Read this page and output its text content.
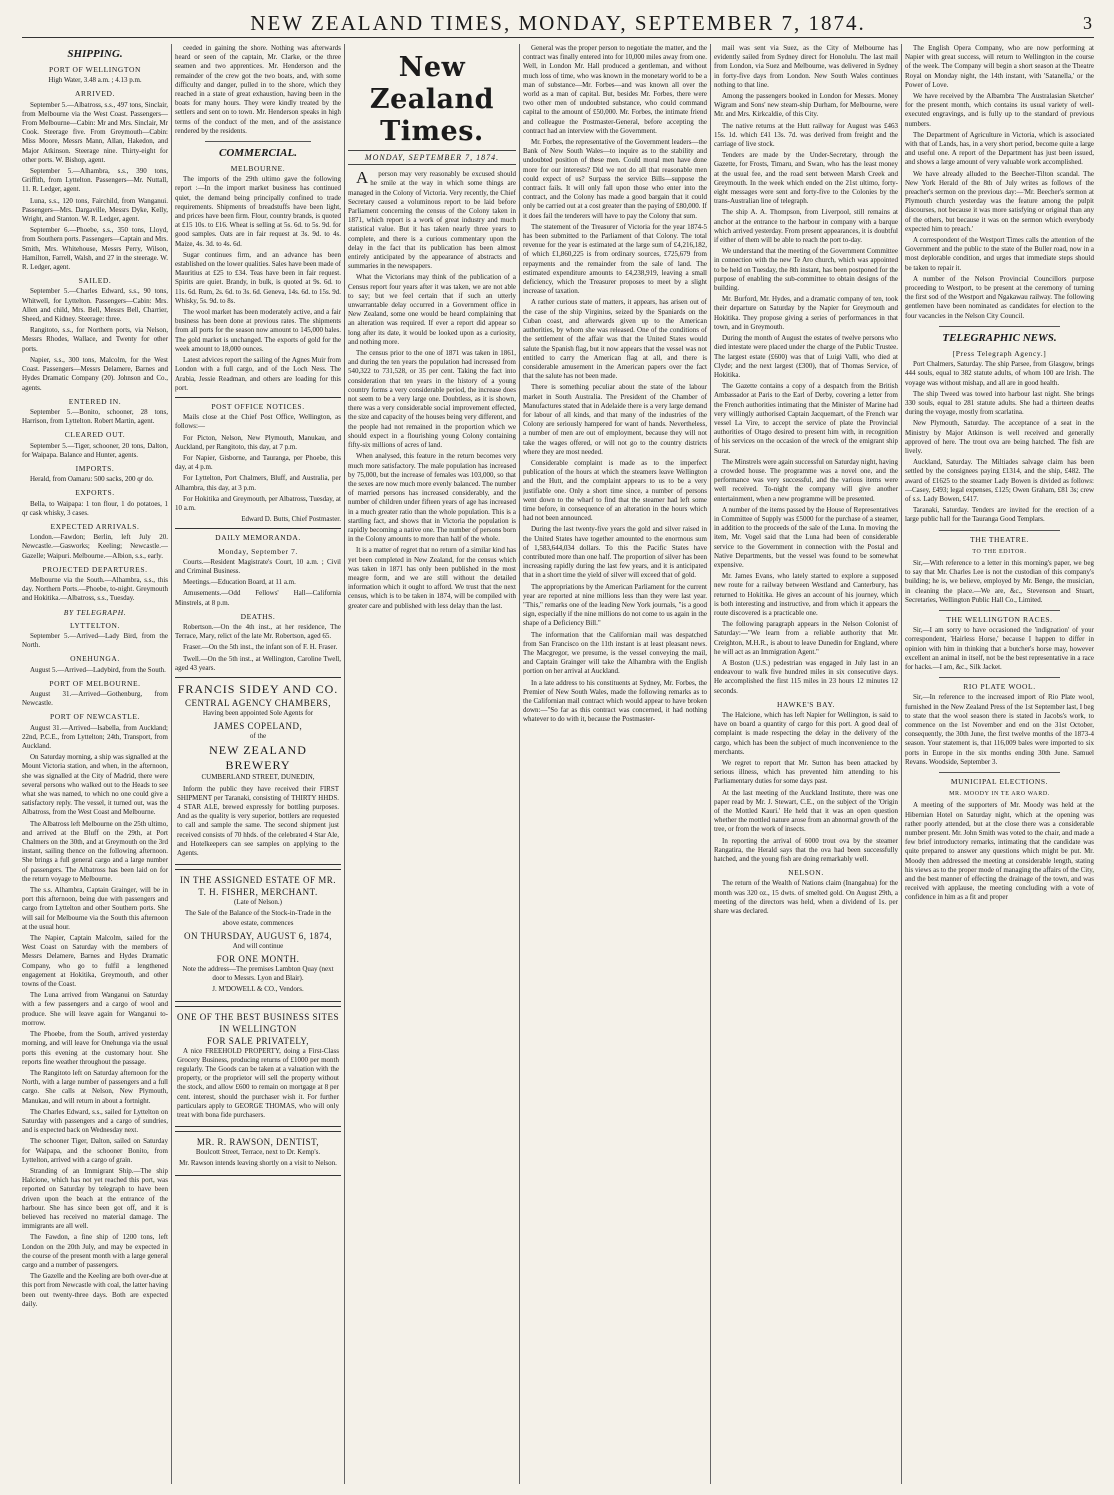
NEW ZEALAND TIMES, MONDAY, SEPTEMBER 7, 1874.	3
SHIPPING.
PORT OF WELLINGTON

High Water, 3.48 a.m. ; 4.13 p.m.

ARRIVED.

September 5.—Albatross, s.s., 497 tons, Sinclair, from Melbourne via the West Coast. Passengers—From Melbourne—Cabin: Mr and Mrs. Sinclair, Mr Cook. Steerage five. From Greymouth—Cabin: Miss Moore, Messrs Mann, Allan, Hakedon, and Major Atkinson. Steerage nine. Thirty-eight for other ports. W. Bishop, agent.

September 5.—Alhambra, s.s., 390 tons, Griffith, from Lyttelton. Passengers—Mr. Nuttall, 11. R. Ledger, agent.

Luna, s.s., 120 tons, Fairchild, from Wanganui. Passengers—Mrs. Dargaville, Messrs Dyke, Kelly, Wright, and Stanton. W. R. Ledger, agent.

September 6.—Phoebe, s.s., 350 tons, Lloyd, from Southern ports. Passengers—Captain and Mrs. Smith, Mrs. Whitehouse, Messrs Perry, Wilson, Hamilton, Farrell, Walsh, and 27 in the steerage. W. R. Ledger, agent.

SAILED.

September 5.—Charles Edward, s.s., 90 tons, Whitwell, for Lyttelton. Passengers—Cabin: Mrs. Allen and child, Mrs. Bell, Messrs Bell, Charrier, Sheed, and Kidney. Steerage: three.

Rangitoto, s.s., for Northern ports, via Nelson, Messrs Rhodes, Wallace, and Twenty for other ports.

Napier, s.s., 300 tons, Malcolm, for the West Coast. Passengers—Messrs Delamere, Barnes and Hydes Dramatic Company (20). Johnson and Co., agents.

ENTERED IN.

September 5.—Bonito, schooner, 28 tons, Harrison, from Lyttelton. Robert Martin, agent.

CLEARED OUT.

September 5.—Tiger, schooner, 20 tons, Dalton, for Waipapa. Balance and Hunter, agents.

IMPORTS.

Herald, from Oamaru: 500 sacks, 200 qr do.

EXPORTS.

Bella, to Waipapa: 1 ton flour, 1 do potatoes, 1 qr cask whisky, 3 cases.

EXPECTED ARRIVALS.

London.—Fawdon; Berlin, left July 20. Newcastle.—Gasworks; Keeling; Newcastle.—Gazelle; Waipuri. Melbourne.—Albion, s.s., early.

PROJECTED DEPARTURES.

Melbourne via the South.—Alhambra, s.s., this day. Northern Ports.—Phoebe, to-night. Greymouth and Hokitika.—Albatross, s.s., Tuesday.

BY TELEGRAPH.
LYTTELTON.

September 5.—Arrived—Lady Bird, from the North.

ONEHUNGA.

August 5.—Arrived—Ladybird, from the South.

PORT OF MELBOURNE.

August 31.—Arrived—Gothenburg, from Newcastle.

PORT OF NEWCASTLE.

August 31.—Arrived—Isabella, from Auckland; 22nd, P.C.E., from Lyttelton; 24th, Transport, from Auckland.

On Saturday morning, a ship was signalled at the Mount Victoria station, and when, in the afternoon, she was signalled at the City of Madrid, there were several persons who walked out to the Heads to see what she was named, to which no one could give a satisfactory reply. The vessel, it turned out, was the Albatross, from the West Coast and Melbourne.

The Albatross left Melbourne on the 25th ultimo, and arrived at the Bluff on the 29th, at Port Chalmers on the 30th, and at Greymouth on the 3rd instant, sailing thence on the following afternoon. She brings a full general cargo and a large number of passengers. The Albatross has been laid on for the return voyage to Melbourne.

The s.s. Alhambra, Captain Grainger, will be in port this afternoon, being due with passengers and cargo from Lyttelton and other Southern ports. She will sail for Melbourne via the South this afternoon at the usual hour.

The Napier, Captain Malcolm, sailed for the West Coast on Saturday with the members of Messrs Delamere, Barnes and Hydes Dramatic Company, who go to fulfil a lengthened engagement at Hokitika, Greymouth, and other towns of the Coast.

The Luna arrived from Wanganui on Saturday with a few passengers and a cargo of wool and produce. She will leave again for Wanganui to-morrow.

The Phoebe, from the South, arrived yesterday morning, and will leave for Onehunga via the usual ports this evening at the customary hour. She reports fine weather throughout the passage.

The Rangitoto left on Saturday afternoon for the North, with a large number of passengers and a full cargo. She calls at Nelson, New Plymouth, Manukau, and will return in about a fortnight.

The Charles Edward, s.s., sailed for Lyttelton on Saturday with passengers and a cargo of sundries, and is expected back on Wednesday next.

The schooner Tiger, Dalton, sailed on Saturday for Waipapa, and the schooner Bonito, from Lyttelton, arrived with a cargo of grain.

Stranding of an Immigrant Ship.—The ship Halcione, which has not yet reached this port, was reported on Saturday by telegraph to have been driven upon the beach at the entrance of the harbour. She has since been got off, and it is believed has received no material damage. The immigrants are all well.

The Fawdon, a fine ship of 1200 tons, left London on the 20th July, and may be expected in the course of the present month with a large general cargo and a number of passengers.

The Gazelle and the Keeling are both over-due at this port from Newcastle with coal, the latter having been out twenty-three days. Both are expected daily.

ceeded in gaining the shore. Nothing was afterwards heard or seen of the captain, Mr. Clarke, or the three seamen and two apprentices. Mr. Henderson and the remainder of the crew got the two boats, and, with some difficulty and danger, pulled in to the shore, which they reached in a state of great exhaustion, having been in the boats for many hours. They were kindly treated by the settlers and sent on to town. Mr. Henderson speaks in high terms of the conduct of the men, and of the assistance rendered by the residents.

COMMERCIAL.
MELBOURNE.

The imports of the 29th ultimo gave the following report :—In the import market business has continued quiet, the demand being principally confined to trade requirements. Shipments of breadstuffs have been light, and prices have been firm. Flour, country brands, is quoted at £15 10s. to £16. Wheat is selling at 5s. 6d. to 5s. 9d. for good samples. Oats are in fair request at 3s. 9d. to 4s. Maize, 4s. 3d. to 4s. 6d.

Sugar continues firm, and an advance has been established on the lower qualities. Sales have been made of Mauritius at £25 to £34. Teas have been in fair request. Spirits are quiet. Brandy, in bulk, is quoted at 9s. 6d. to 11s. 6d. Rum, 2s. 6d. to 3s. 6d. Geneva, 14s. 6d. to 15s. 9d. Whisky, 5s. 9d. to 8s.

The wool market has been moderately active, and a fair business has been done at previous rates. The shipments from all ports for the season now amount to 145,000 bales. The gold market is unchanged. The exports of gold for the week amount to 18,000 ounces.

Latest advices report the sailing of the Agnes Muir from London with a full cargo, and of the Loch Ness. The Arabia, Jessie Readman, and others are loading for this port.

POST OFFICE NOTICES.

Mails close at the Chief Post Office, Wellington, as follows:—

For Picton, Nelson, New Plymouth, Manukau, and Auckland, per Rangitoto, this day, at 7 p.m.

For Napier, Gisborne, and Tauranga, per Phoebe, this day, at 4 p.m.

For Lyttelton, Port Chalmers, Bluff, and Australia, per Alhambra, this day, at 3 p.m.

For Hokitika and Greymouth, per Albatross, Tuesday, at 10 a.m.

Edward D. Butts, Chief Postmaster.

DAILY MEMORANDA.
Monday, September 7.

Courts.—Resident Magistrate's Court, 10 a.m. ; Civil and Criminal Business.

Meetings.—Education Board, at 11 a.m.

Amusements.—Odd Fellows' Hall—California Minstrels, at 8 p.m.

DEATHS.

Robertson.—On the 4th inst., at her residence, The Terrace, Mary, relict of the late Mr. Robertson, aged 65.

Fraser.—On the 5th inst., the infant son of F. H. Fraser.

Twell.—On the 5th inst., at Wellington, Caroline Twell, aged 43 years.

FRANCIS SIDEY AND CO.
CENTRAL AGENCY CHAMBERS,

Having been appointed Sole Agents for

JAMES COPELAND,

of the

NEW ZEALAND BREWERY

CUMBERLAND STREET, DUNEDIN,

Inform the public they have received their FIRST SHIPMENT per Taranaki, consisting of THIRTY HHDS. 4 STAR ALE, brewed expressly for bottling purposes. And as the quality is very superior, bottlers are requested to call and sample the same. The second shipment just received consists of 70 hhds. of the celebrated 4 Star Ale, and Hotelkeepers can see samples on applying to the Agents.

IN THE ASSIGNED ESTATE OF MR. T. H. FISHER, MERCHANT.

(Late of Nelson.)

The Sale of the Balance of the Stock-in-Trade in the above estate, commences

ON THURSDAY, AUGUST 6, 1874,

And will continue

FOR ONE MONTH.

Note the address—The premises Lambton Quay (next door to Messrs. Lyon and Blair).

J. M'DOWELL & CO., Vendors.

ONE OF THE BEST BUSINESS SITES
IN WELLINGTON
FOR SALE PRIVATELY,

A nice FREEHOLD PROPERTY, doing a First-Class Grocery Business, producing returns of £1000 per month regularly. The Goods can be taken at a valuation with the property, or the proprietor will sell the property without the stock, and allow £600 to remain on mortgage at 8 per cent. interest, should the purchaser wish it. For further particulars apply to GEORGE THOMAS, who will only treat with bona fide purchasers.

MR. R. RAWSON, DENTIST,

Boulcott Street, Terrace, next to Dr. Kemp's.

Mr. Rawson intends leaving shortly on a visit to Nelson.

New Zealand Times.
MONDAY, SEPTEMBER 7, 1874.

Aperson may very reasonably be excused should he smile at the way in which some things are managed in the Colony of Victoria. Very recently, the Chief Secretary caused a voluminous report to be laid before Parliament concerning the census of the Colony taken in 1871, which report is a work of great industry and much statistical value. But it has taken nearly three years to complete, and there is a curious commentary upon the delay in the fact that its publication has been almost entirely anticipated by the appearance of abstracts and summaries in the newspapers.

What the Victorians may think of the publication of a Census report four years after it was taken, we are not able to say; but we feel certain that if such an utterly unwarrantable delay occurred in a Government office in New Zealand, some one would be heard complaining that an alteration was required. If ever a report did appear so long after its date, it would be looked upon as a curiosity, and nothing more.

The census prior to the one of 1871 was taken in 1861, and during the ten years the population had increased from 540,322 to 731,528, or 35 per cent. Taking the fact into consideration that ten years in the history of a young country forms a very considerable period, the increase does not seem to be a very large one. Doubtless, as it is shown, there was a very considerable social improvement effected, the size and capacity of the houses being very different, and the people had not remained in the proportion which we should expect in a flourishing young Colony containing fifty-six millions of acres of land.

When analysed, this feature in the return becomes very much more satisfactory. The male population has increased by 75,000, but the increase of females was 103,000, so that the sexes are now much more evenly balanced. The number of married persons has increased considerably, and the number of children under fifteen years of age has increased in a much greater ratio than the whole population. This is a startling fact, and shows that in Victoria the population is rapidly becoming a native one. The number of persons born in the Colony amounts to more than half of the whole.

It is a matter of regret that no return of a similar kind has yet been completed in New Zealand, for the census which was taken in 1871 has only been published in the most meagre form, and we are still without the detailed information which it ought to afford. We trust that the next census, which is to be taken in 1874, will be compiled with greater care and published with less delay than the last.

General was the proper person to negotiate the matter, and the contract was finally entered into for 10,000 miles away from one. Well, in London Mr. Hall produced a gentleman, and without much loss of time, who was known in the monetary world to be a man of substance—Mr. Forbes—and was known all over the world as a man of capital. But, besides Mr. Forbes, there were two other men of undoubted substance, who could command capital to the amount of £50,000. Mr. Forbes, the intimate friend and colleague the Postmaster-General, before accepting the contract had an interview with the Government.

Mr. Forbes, the representative of the Government leaders—the Bank of New South Wales—to inquire as to the stability and undoubted position of these men. Could moral men have done more for our interests? Did we not do all that reasonable men could expect of us? Surpass the service Bills—suppose the contract fails. It will only fall upon those who enter into the contract, and the Colony has made a good bargain that it could only be carried out at a cost greater than the paying of £80,000. If it does fail the tenderers will have to pay the Colony that sum.

The statement of the Treasurer of Victoria for the year 1874-5 has been submitted to the Parliament of that Colony. The total revenue for the year is estimated at the large sum of £4,216,182, of which £1,860,225 is from ordinary sources, £725,679 from repayments and the remainder from the sale of land. The estimated expenditure amounts to £4,238,919, leaving a small deficiency, which the Treasurer proposes to meet by a slight increase of taxation.

A rather curious state of matters, it appears, has arisen out of the case of the ship Virginius, seized by the Spaniards on the Cuban coast, and afterwards given up to the American authorities, by whom she was released. One of the conditions of the settlement of the affair was that the United States would salute the Spanish flag, but it now appears that the vessel was not entitled to carry the American flag at all, and there is considerable amusement in the American papers over the fact that the salute has not been made.

There is something peculiar about the state of the labour market in South Australia. The President of the Chamber of Manufactures stated that in Adelaide there is a very large demand for labour of all kinds, and that many of the industries of the Colony are seriously hampered for want of hands. Nevertheless, a number of men are out of employment, because they will not take the wages offered, or will not go to the country districts where they are most needed.

Considerable complaint is made as to the imperfect publication of the hours at which the steamers leave Wellington and the Hutt, and the complaint appears to us to be a very justifiable one. Only a short time since, a number of persons went down to the wharf to find that the steamer had left some time before, in consequence of an alteration in the hours which had not been announced.

During the last twenty-five years the gold and silver raised in the United States have together amounted to the enormous sum of 1,583,644,034 dollars. To this the Pacific States have contributed more than one half. The proportion of silver has been increasing rapidly during the last few years, and it is anticipated that in a short time the yield of silver will exceed that of gold.

The appropriations by the American Parliament for the current year are reported at nine millions less than they were last year. "This," remarks one of the leading New York journals, "is a good sign, especially if the nine millions do not come to us again in the shape of a Deficiency Bill."

The information that the Californian mail was despatched from San Francisco on the 11th instant is at least pleasant news. The Macgregor, we presume, is the vessel conveying the mail, and Captain Grainger will take the Alhambra with the English portion on her arrival at Auckland.

In a late address to his constituents at Sydney, Mr. Forbes, the Premier of New South Wales, made the following remarks as to the Californian mail contract which would appear to have broken down:—"So far as this contract was concerned, it had nothing whatever to do with it, because the Postmaster-

mail was sent via Suez, as the City of Melbourne has evidently sailed from Sydney direct for Honolulu. The last mail from London, via Suez and Melbourne, was delivered in Sydney in forty-five days from London. New South Wales continues nothing to that line.

Among the passengers booked in London for Messrs. Money Wigram and Sons' new steam-ship Durham, for Melbourne, were Mr. and Mrs. Kirkcaldie, of this City.

The native returns at the Hutt railway for August was £463 15s. 1d. which £41 13s. 7d. was derived from freight and the carriage of live stock.

Tenders are made by the Under-Secretary, through the Gazette, for Frosts, Timaru, and Swan, who has the least money at the usual fee, and the road sent between Marsh Creek and Greymouth. In the week which ended on the 21st ultimo, forty-eight messages were sent and forty-five to the Colonies by the trans-Australian line of telegraph.

The ship A. A. Thompson, from Liverpool, still remains at anchor at the entrance to the harbour in company with a barque which arrived yesterday. From present appearances, it is doubtful if either of them will be able to reach the port to-day.

We understand that the meeting of the Government Committee in connection with the new Te Aro church, which was appointed to be held on Tuesday, the 8th instant, has been postponed for the purpose of enabling the sub-committee to obtain designs of the building.

Mr. Burford, Mr. Hydes, and a dramatic company of ten, took their departure on Saturday by the Napier for Greymouth and Hokitika. They propose giving a series of performances in that town, and in Greymouth.

During the month of August the estates of twelve persons who died intestate were placed under the charge of the Public Trustee. The largest estate (£600) was that of Luigi Valli, who died at Clyde; and the next largest (£300), that of Thomas Service, of Hokitika.

The Gazette contains a copy of a despatch from the British Ambassador at Paris to the Earl of Derby, covering a letter from the French authorities intimating that the Minister of Marine had very willingly authorised Captain Jacquemart, of the French war vessel La Vire, to accept the service of plate the Provincial authorities of Otago desired to present him with, in recognition of his services on the occasion of the wreck of the emigrant ship Surat.

The Minstrels were again successful on Saturday night, having a crowded house. The programme was a novel one, and the performance was very successful, and the various items were well received. To-night the company will give another entertainment, when a new programme will be presented.

A number of the items passed by the House of Representatives in Committee of Supply was £5000 for the purchase of a steamer, in addition to the proceeds of the sale of the Luna. In moving the item, Mr. Vogel said that the Luna had been of considerable service to the Government in connection with the Postal and Native Departments, but the vessel was found to be somewhat expensive.

Mr. James Evans, who lately started to explore a supposed new route for a railway between Westland and Canterbury, has returned to Hokitika. He gives an account of his journey, which is both interesting and instructive, and from which it appears the route discovered is a practicable one.

The following paragraph appears in the Nelson Colonist of Saturday:—"We learn from a reliable authority that Mr. Creighton, M.H.R., is about to leave Dunedin for England, where he will act as an Immigration Agent."

A Boston (U.S.) pedestrian was engaged in July last in an endeavour to walk five hundred miles in six consecutive days. He accomplished the first 115 miles in 23 hours 12 minutes 12 seconds.

HAWKE'S BAY.

The Halcione, which has left Napier for Wellington, is said to have on board a quantity of cargo for this port. A good deal of complaint is made respecting the delay in the delivery of the cargo, which has been the subject of much inconvenience to the merchants.

We regret to report that Mr. Sutton has been attacked by serious illness, which has prevented him attending to his Parliamentary duties for some days past.

At the last meeting of the Auckland Institute, there was one paper read by Mr. J. Stewart, C.E., on the subject of the 'Origin of the Mottled Kauri.' He held that it was an open question whether the mottled nature arose from an abnormal growth of the tree, or from the work of insects.

In reporting the arrival of 6000 trout ova by the steamer Rangatira, the Herald says that the ova had been successfully hatched, and the young fish are doing remarkably well.

NELSON.

The return of the Wealth of Nations claim (Inangahua) for the month was 320 oz., 15 dwts. of smelted gold. On August 29th, a meeting of the directors was held, when a dividend of 1s. per share was declared.

The English Opera Company, who are now performing at Napier with great success, will return to Wellington in the course of the week. The Company will begin a short season at the Theatre Royal on Monday night, the 14th instant, with 'Satanella,' or the Power of Love.

We have received by the Albambra 'The Australasian Sketcher' for the present month, which contains its usual variety of well-executed engravings, and is fully up to the standard of previous numbers.

The Department of Agriculture in Victoria, which is associated with that of Lands, has, in a very short period, become quite a large and useful one. A report of the Department has just been issued, and shows a large amount of very valuable work accomplished.

We have already alluded to the Beecher-Tilton scandal. The New York Herald of the 8th of July writes as follows of the preacher's sermon on the previous day:—'Mr. Beecher's sermon at Plymouth church yesterday was the feature among the pulpit discourses, not because it was more satisfying or original than any of the others, but because it was on the sermon which everybody expected him to preach.'

A correspondent of the Westport Times calls the attention of the Government and the public to the state of the Buller road, now in a most deplorable condition, and urges that immediate steps should be taken to repair it.

A number of the Nelson Provincial Councillors purpose proceeding to Westport, to be present at the ceremony of turning the first sod of the Westport and Ngakawau railway. The following gentlemen have been nominated as candidates for election to the four vacancies in the Nelson City Council.

TELEGRAPHIC NEWS.
[Press Telegraph Agency.]

Port Chalmers, Saturday. The ship Parsee, from Glasgow, brings 444 souls, equal to 382 statute adults, of whom 100 are Irish. The voyage was without mishap, and all are in good health.

The ship Tweed was towed into harbour last night. She brings 330 souls, equal to 281 statute adults. She had a thirteen deaths during the voyage, mostly from scarlatina.

New Plymouth, Saturday. The acceptance of a seat in the Ministry by Major Atkinson is well received and generally approved of here. The trout ova are being hatched. The fish are lively.

Auckland, Saturday. The Miltiades salvage claim has been settled by the consignees paying £1314, and the ship, £482. The award of £1625 to the steamer Lady Bowen is divided as follows:—Casey, £493; legal expenses, £125; Owen Graham, £81 3s; crew of s.s. Lady Bowen, £417.

Taranaki, Saturday. Tenders are invited for the erection of a large public hall for the Tauranga Good Templars.

THE THEATRE.
TO THE EDITOR.

Sir,—With reference to a letter in this morning's paper, we beg to say that Mr. Charles Lee is not the custodian of this company's building; he is, we believe, employed by Mr. Benge, the musician, in cleaning the place.—We are, &c., Stevenson and Stuart, Secretaries, Wellington Public Hall Co., Limited.

THE WELLINGTON RACES.

Sir,—I am sorry to have occasioned the 'indignation' of your correspondent, 'Hairless Horse,' because I happen to differ in opinion with him in thinking that a butcher's horse may, however excellent an animal in itself, not be the best representative in a race for hacks.—I am, &c., Silk Jacket.

RIO PLATE WOOL.

Sir,—In reference to the increased import of Rio Plate wool, furnished in the New Zealand Press of the 1st September last, I beg to state that the wool season there is stated in Jacobs's work, to commence on the 1st November and end on the 31st October, consequently, the 30th June, the first twelve months of the 1873-4 season. Your statement is, that 116,009 bales were imported to six ports in Europe in the six months ending 30th June. Samuel Revans. Woodside, September 3.

MUNICIPAL ELECTIONS.
MR. MOODY IN TE ARO WARD.

A meeting of the supporters of Mr. Moody was held at the Hibernian Hotel on Saturday night, which at the opening was rather poorly attended, but at the close there was a considerable number present. Mr. John Smith was voted to the chair, and made a few brief introductory remarks, intimating that the candidate was quite prepared to answer any questions which might be put. Mr. Moody then addressed the meeting at considerable length, stating his views as to the proper mode of managing the affairs of the City, and the best manner of effecting the drainage of the town, and was received with applause, the meeting concluding with a vote of confidence in him as a fit and proper
